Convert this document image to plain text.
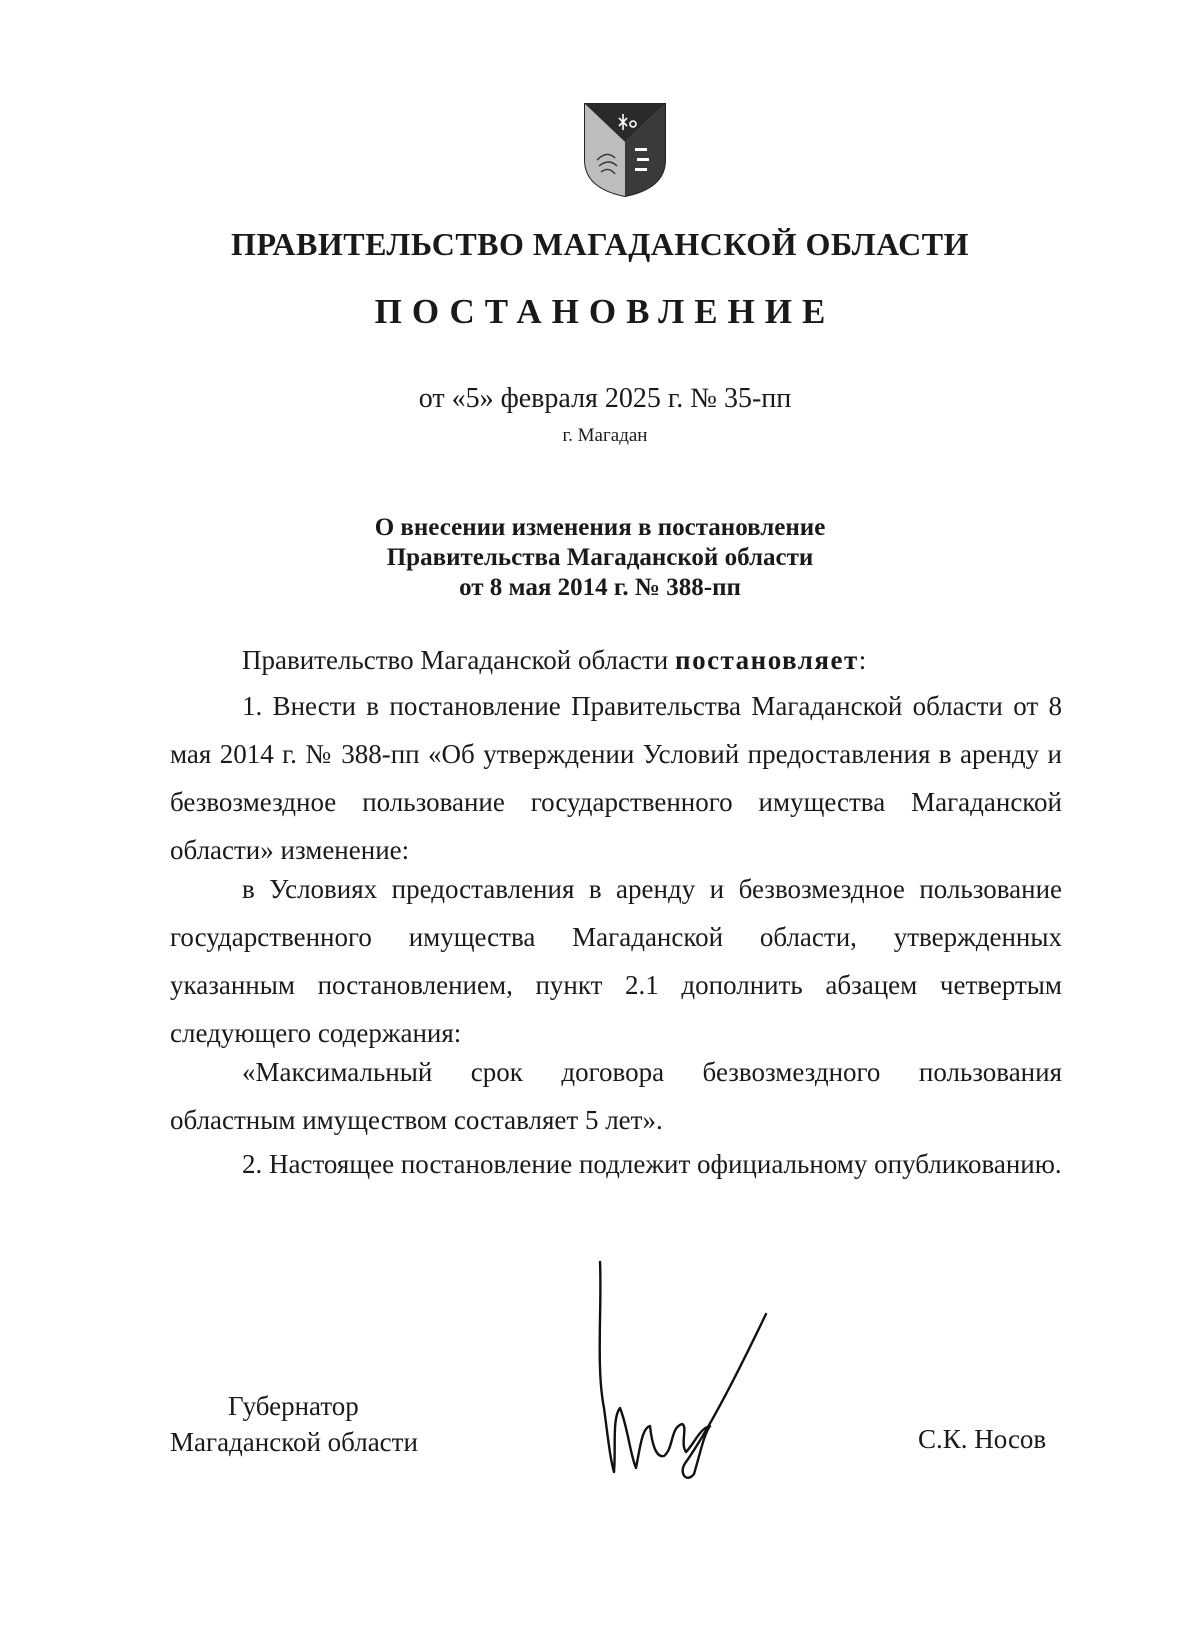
ПРАВИТЕЛЬСТВО МАГАДАНСКОЙ ОБЛАСТИ
ПОСТАНОВЛЕНИЕ
от «5» февраля 2025 г. № 35-пп
г. Магадан
О внесении изменения в постановление
Правительства Магаданской области
от 8 мая 2014 г. № 388-пп
Правительство Магаданской области постановляет:
1. Внести в постановление Правительства Магаданской области от 8 мая 2014 г. № 388-пп «Об утверждении Условий предоставления в аренду и безвозмездное пользование государственного имущества Магаданской области» изменение:
в Условиях предоставления в аренду и безвозмездное пользование государственного имущества Магаданской области, утвержденных указанным постановлением, пункт 2.1 дополнить абзацем четвертым следующего содержания:
«Максимальный срок договора безвозмездного пользования областным имуществом составляет 5 лет».
2. Настоящее постановление подлежит официальному опубликованию.
Губернатор
Магаданской области	С.К. Носов
